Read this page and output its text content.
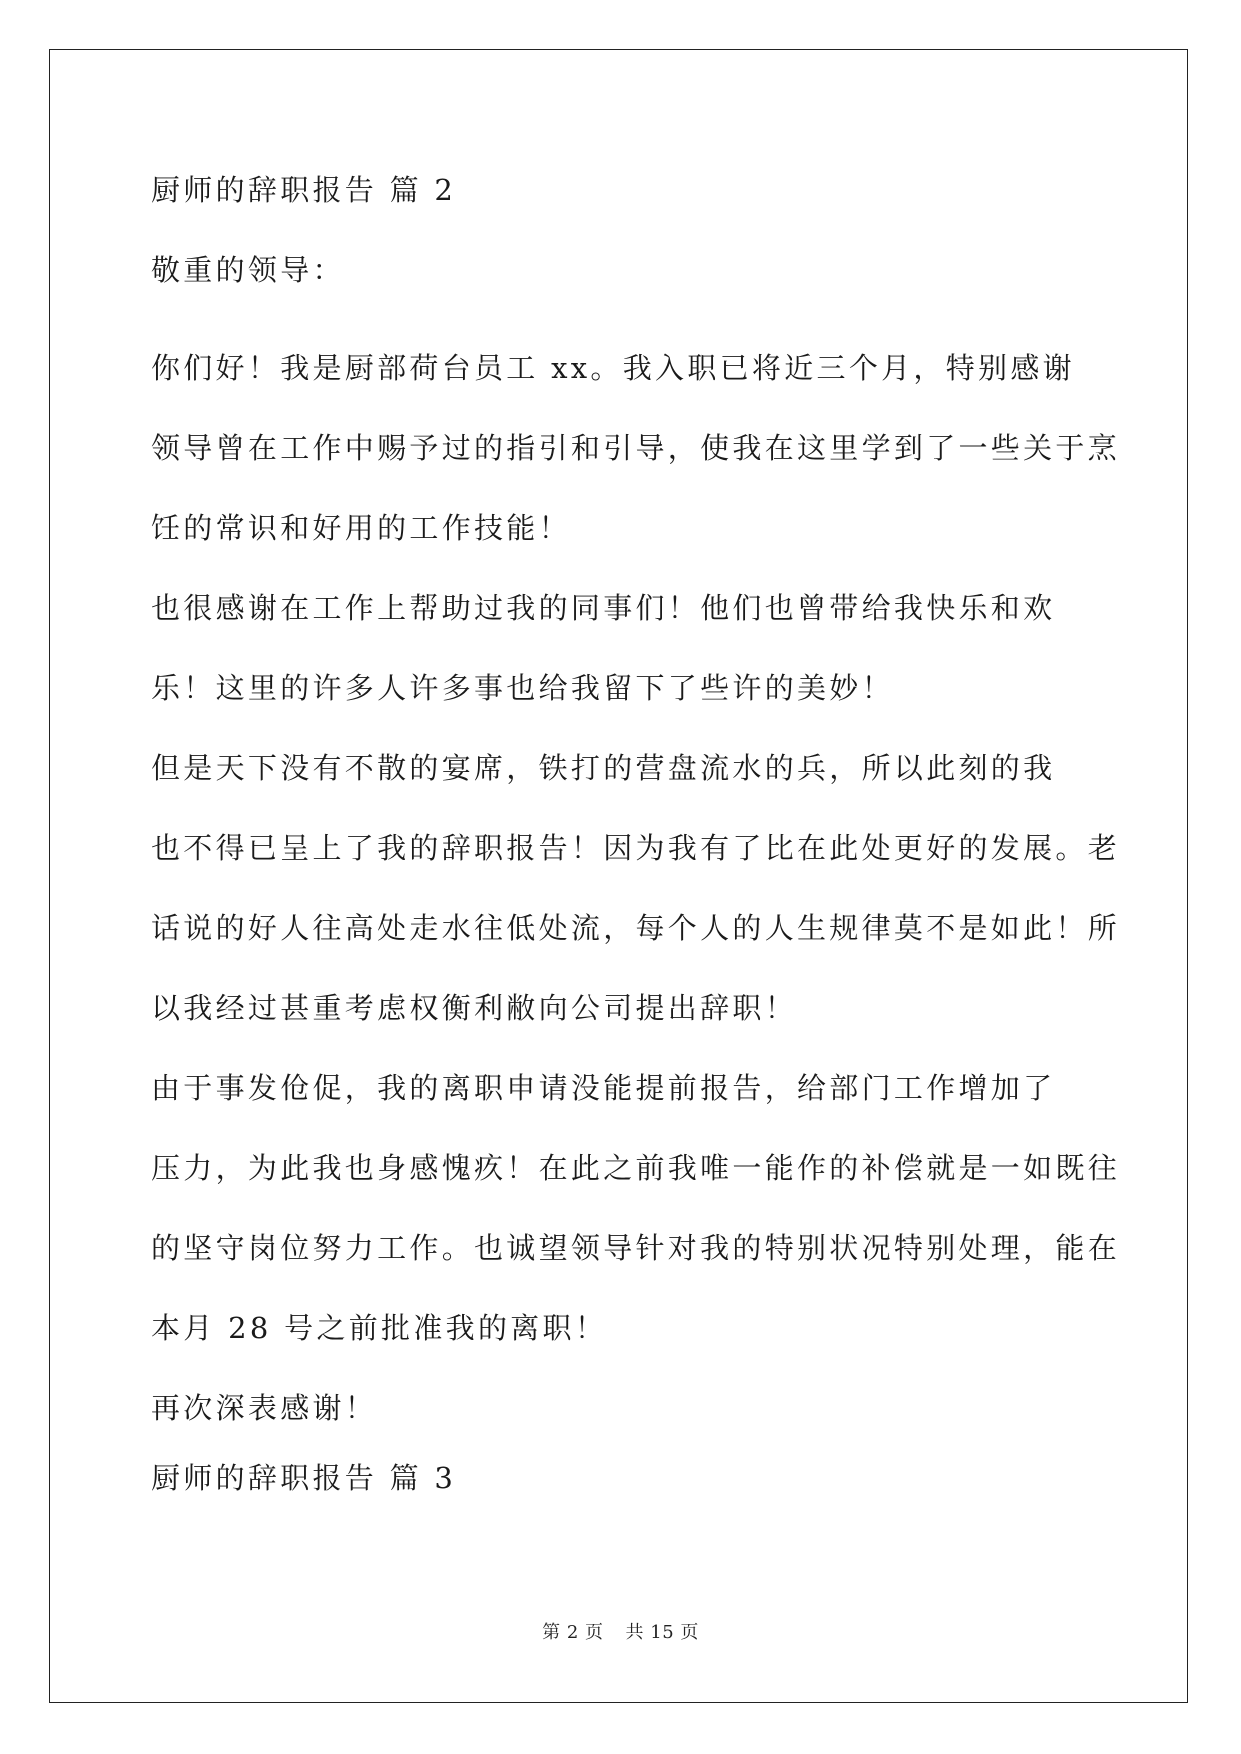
厨师的辞职报告 篇 2

敬重的领导：

你们好！我是厨部荷台员工 xx。我入职已将近三个月，特别感谢
领导曾在工作中赐予过的指引和引导，使我在这里学到了一些关于烹
饪的常识和好用的工作技能！
也很感谢在工作上帮助过我的同事们！他们也曾带给我快乐和欢
乐！这里的许多人许多事也给我留下了些许的美妙！
但是天下没有不散的宴席，铁打的营盘流水的兵，所以此刻的我
也不得已呈上了我的辞职报告！因为我有了比在此处更好的发展。老
话说的好人往高处走水往低处流，每个人的人生规律莫不是如此！所
以我经过甚重考虑权衡利敝向公司提出辞职！
由于事发伧促，我的离职申请没能提前报告，给部门工作增加了
压力，为此我也身感愧疚！在此之前我唯一能作的补偿就是一如既往
的坚守岗位努力工作。也诚望领导针对我的特别状况特别处理，能在
本月 28 号之前批准我的离职！
再次深表感谢！

厨师的辞职报告 篇 3

第 2 页 共 15 页
